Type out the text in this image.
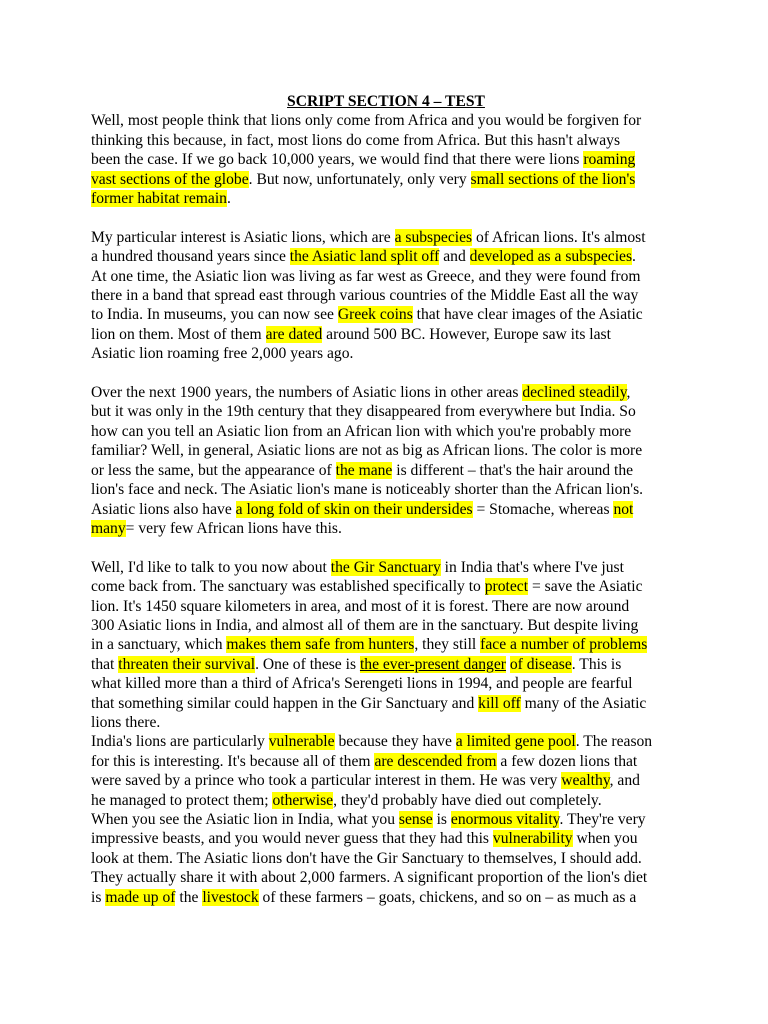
SCRIPT SECTION 4 – TEST

Well, most people think that lions only come from Africa and you would be forgiven for
thinking this because, in fact, most lions do come from Africa. But this hasn't always
been the case. If we go back 10,000 years, we would find that there were lions roaming
vast sections of the globe. But now, unfortunately, only very small sections of the lion's
former habitat remain.

My particular interest is Asiatic lions, which are a subspecies of African lions. It's almost
a hundred thousand years since the Asiatic land split off and developed as a subspecies.
At one time, the Asiatic lion was living as far west as Greece, and they were found from
there in a band that spread east through various countries of the Middle East all the way
to India. In museums, you can now see Greek coins that have clear images of the Asiatic
lion on them. Most of them are dated around 500 BC. However, Europe saw its last
Asiatic lion roaming free 2,000 years ago.

Over the next 1900 years, the numbers of Asiatic lions in other areas declined steadily,
but it was only in the 19th century that they disappeared from everywhere but India. So
how can you tell an Asiatic lion from an African lion with which you're probably more
familiar? Well, in general, Asiatic lions are not as big as African lions. The color is more
or less the same, but the appearance of the mane is different – that's the hair around the
lion's face and neck. The Asiatic lion's mane is noticeably shorter than the African lion's.
Asiatic lions also have a long fold of skin on their undersides = Stomache, whereas not
many= very few African lions have this.

Well, I'd like to talk to you now about the Gir Sanctuary in India that's where I've just
come back from. The sanctuary was established specifically to protect = save the Asiatic
lion. It's 1450 square kilometers in area, and most of it is forest. There are now around
300 Asiatic lions in India, and almost all of them are in the sanctuary. But despite living
in a sanctuary, which makes them safe from hunters, they still face a number of problems
that threaten their survival. One of these is the ever-present danger of disease. This is
what killed more than a third of Africa's Serengeti lions in 1994, and people are fearful
that something similar could happen in the Gir Sanctuary and kill off many of the Asiatic
lions there.

India's lions are particularly vulnerable because they have a limited gene pool. The reason
for this is interesting. It's because all of them are descended from a few dozen lions that
were saved by a prince who took a particular interest in them. He was very wealthy, and
he managed to protect them; otherwise, they'd probably have died out completely.

When you see the Asiatic lion in India, what you sense is enormous vitality. They're very
impressive beasts, and you would never guess that they had this vulnerability when you
look at them. The Asiatic lions don't have the Gir Sanctuary to themselves, I should add.
They actually share it with about 2,000 farmers. A significant proportion of the lion's diet
is made up of the livestock of these farmers – goats, chickens, and so on – as much as a
